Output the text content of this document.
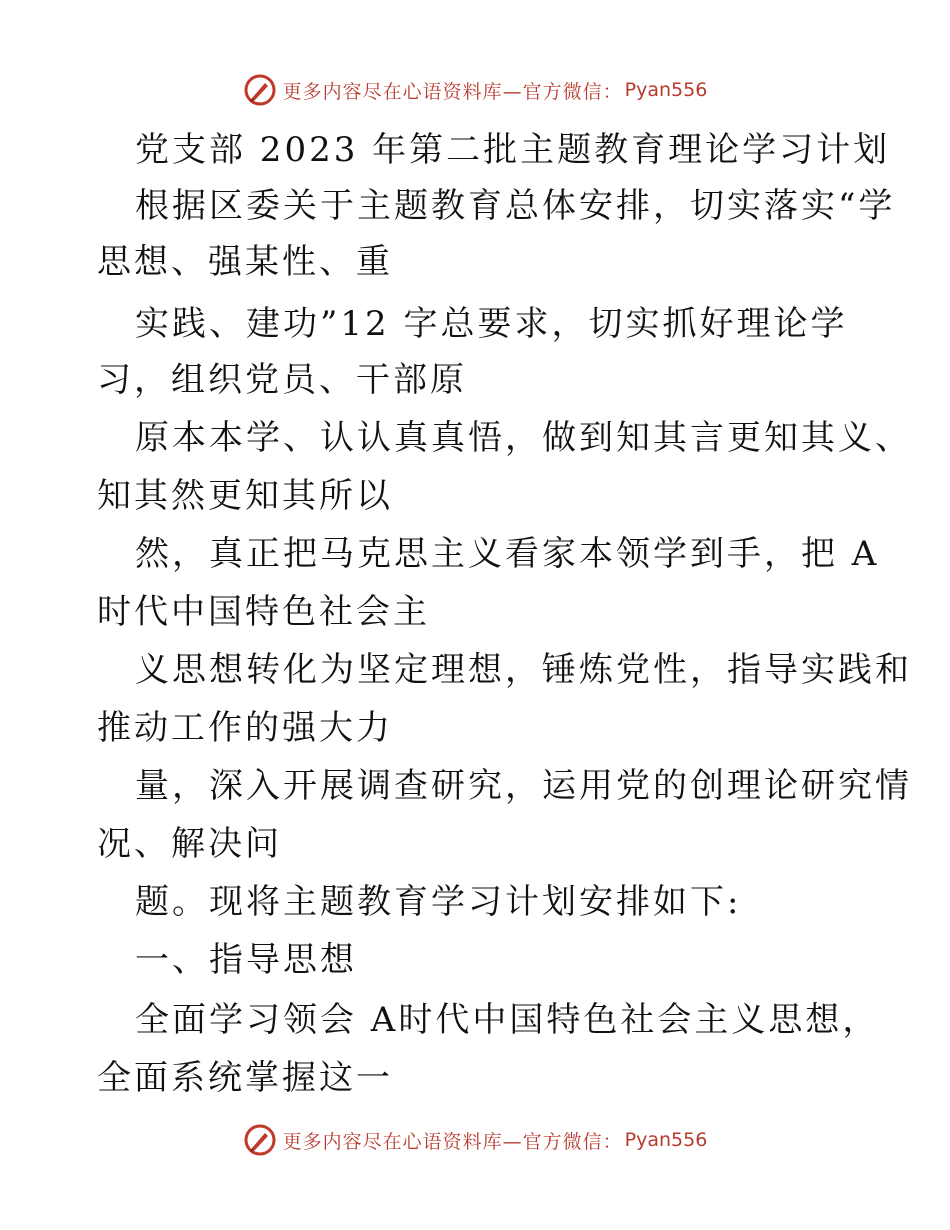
更多内容尽在心语资料库—官方微信： Pyan556
党支部 2023 年第二批主题教育理论学习计划
根据区委关于主题教育总体安排，切实落实“学
思想、强某性、重
实践、建功”12 字总要求，切实抓好理论学
习，组织党员、干部原
原本本学、认认真真悟，做到知其言更知其义、
知其然更知其所以
然，真正把马克思主义看家本领学到手，把 A
时代中国特色社会主
义思想转化为坚定理想，锤炼党性，指导实践和
推动工作的强大力
量，深入开展调查研究，运用党的创理论研究情
况、解决问
题。现将主题教育学习计划安排如下:
一、指导思想
全面学习领会 A时代中国特色社会主义思想，
全面系统掌握这一
更多内容尽在心语资料库—官方微信： Pyan556
